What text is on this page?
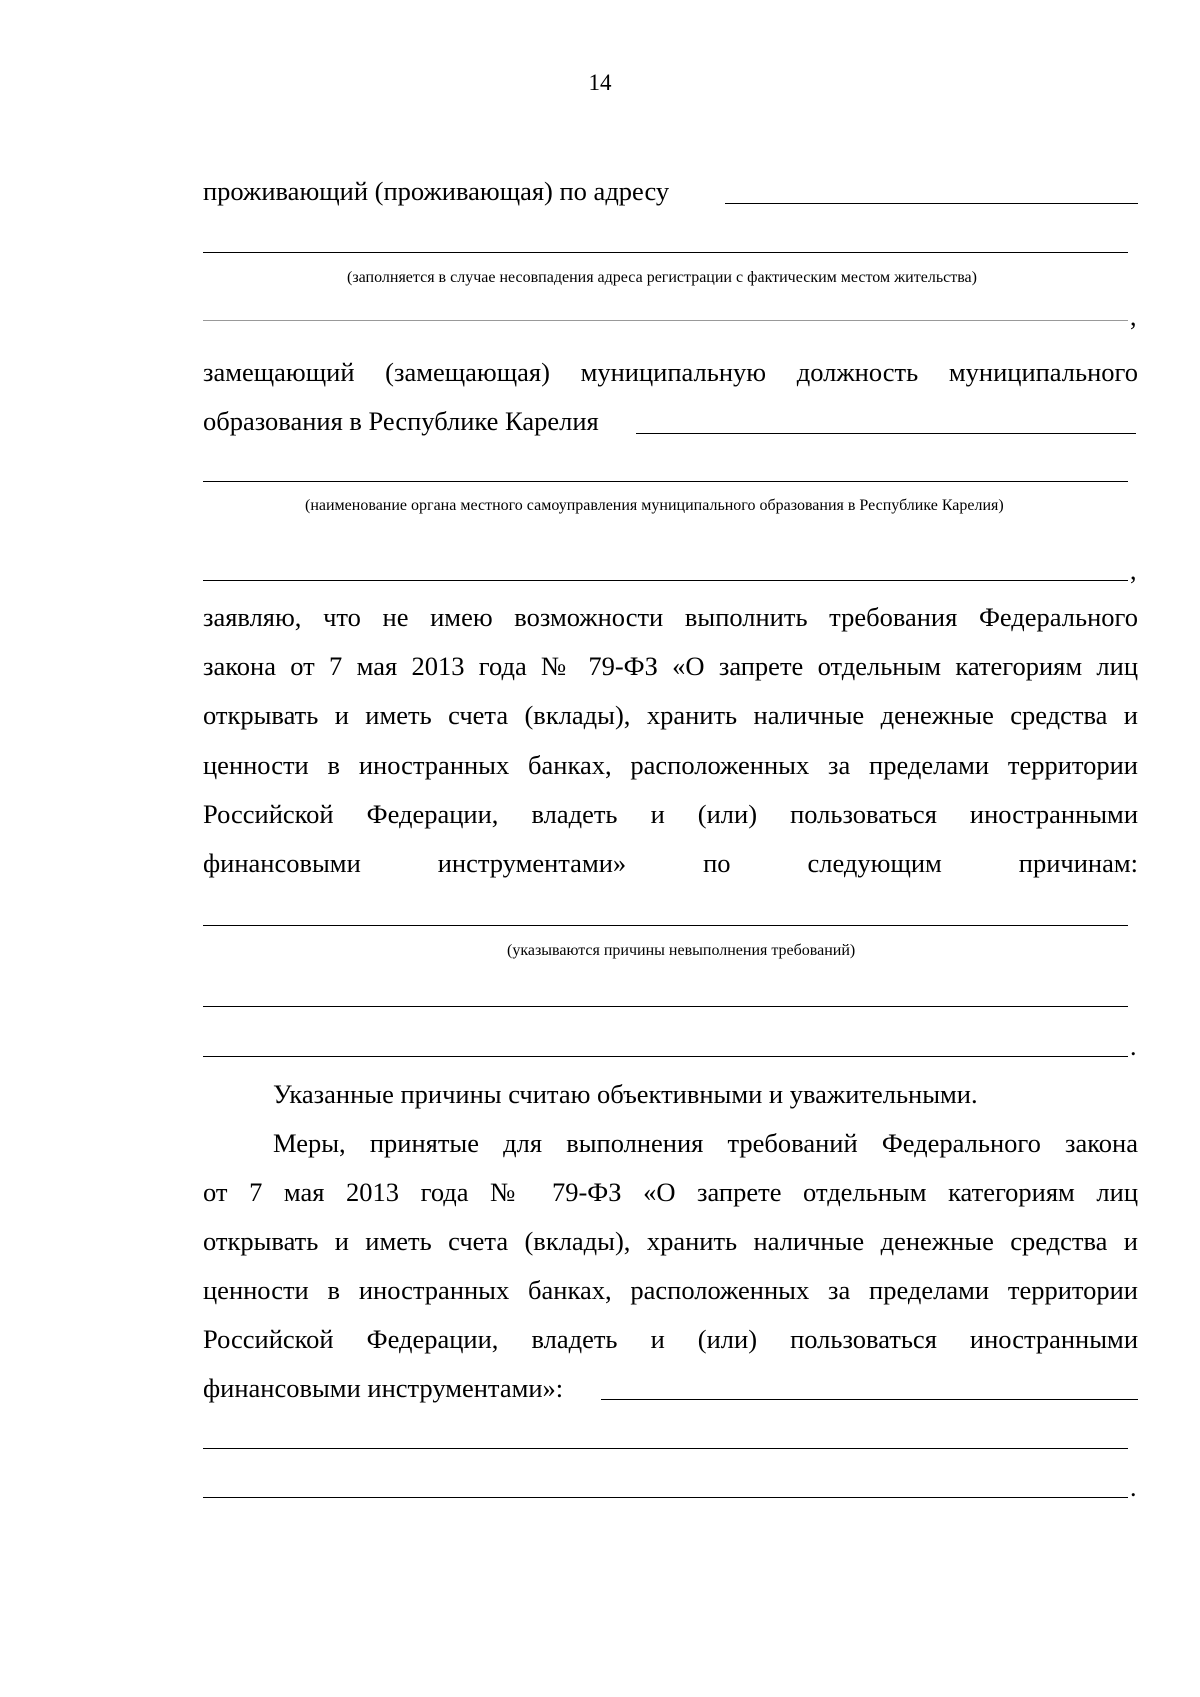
14
проживающий (проживающая) по адресу
(заполняется в случае несовпадения адреса регистрации с фактическим местом жительства)
,
замещающий (замещающая) муниципальную должность муниципального
образования в Республике Карелия
(наименование органа местного самоуправления муниципального образования в Республике Карелия)
,
заявляю, что не имею возможности выполнить требования Федерального
закона от 7 мая 2013 года № 79-ФЗ «О запрете отдельным категориям лиц
открывать и иметь счета (вклады), хранить наличные денежные средства и
ценности в иностранных банках, расположенных за пределами территории
Российской Федерации, владеть и (или) пользоваться иностранными
финансовыми инструментами» по следующим причинам:
(указываются причины невыполнения требований)
.
Указанные причины считаю объективными и уважительными.
Меры, принятые для выполнения требований Федерального закона
от 7 мая 2013 года № 79-ФЗ «О запрете отдельным категориям лиц
открывать и иметь счета (вклады), хранить наличные денежные средства и
ценности в иностранных банках, расположенных за пределами территории
Российской Федерации, владеть и (или) пользоваться иностранными
финансовыми инструментами»:
.
